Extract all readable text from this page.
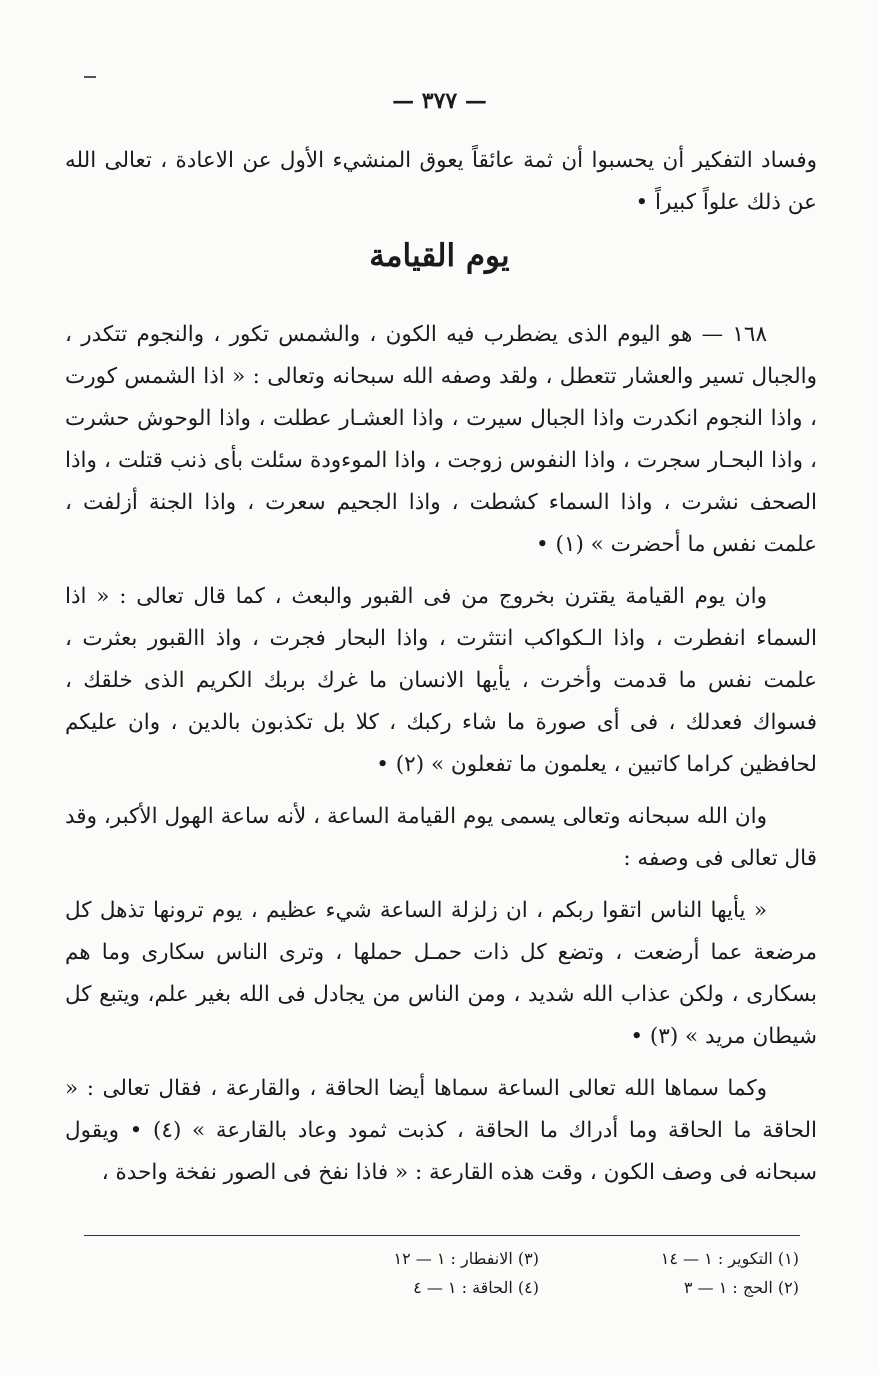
— ٣٧٧ —

وفساد التفكير أن يحسبوا أن ثمة عائقاً يعوق المنشيء الأول عن الاعادة ، تعالى الله عن ذلك علواً كبيراً •

يوم القيامة

١٦٨ — هو اليوم الذى يضطرب فيه الكون ، والشمس تكور ، والنجوم تتكدر ، والجبال تسير والعشار تتعطل ، ولقد وصفه الله سبحانه وتعالى : « اذا الشمس كورت ، واذا النجوم انكدرت واذا الجبال سيرت ، واذا العشـار عطلت ، واذا الوحوش حشرت ، واذا البحـار سجرت ، واذا النفوس زوجت ، واذا الموءودة سئلت بأى ذنب قتلت ، واذا الصحف نشرت ، واذا السماء كشطت ، واذا الجحيم سعرت ، واذا الجنة أزلفت ، علمت نفس ما أحضرت » (١) •

وان يوم القيامة يقترن بخروج من فى القبور والبعث ، كما قال تعالى : « اذا السماء انفطرت ، واذا الـكواكب انتثرت ، واذا البحار فجرت ، واذ االقبور بعثرت ، علمت نفس ما قدمت وأخرت ، يأيها الانسان ما غرك بربك الكريم الذى خلقك ، فسواك فعدلك ، فى أى صورة ما شاء ركبك ، كلا بل تكذبون بالدين ، وان عليكم لحافظين كراما كاتبين ، يعلمون ما تفعلون » (٢) •

وان الله سبحانه وتعالى يسمى يوم القيامة الساعة ، لأنه ساعة الهول الأكبر، وقد قال تعالى فى وصفه :

« يأيها الناس اتقوا ربكم ، ان زلزلة الساعة شيء عظيم ، يوم ترونها تذهل كل مرضعة عما أرضعت ، وتضع كل ذات حمـل حملها ، وترى الناس سكارى وما هم بسكارى ، ولكن عذاب الله شديد ، ومن الناس من يجادل فى الله بغير علم، ويتبع كل شيطان مريد » (٣) •

وكما سماها الله تعالى الساعة سماها أيضا الحاقة ، والقارعة ، فقال تعالى : « الحاقة ما الحاقة وما أدراك ما الحاقة ، كذبت ثمود وعاد بالقارعة » (٤) • ويقول سبحانه فى وصف الكون ، وقت هذه القارعة : « فاذا نفخ فى الصور نفخة واحدة ،

(١) التكوير : ١ — ١٤
(٣) الانفطار : ١ — ١٢
(٢) الحج : ١ — ٣
(٤) الحاقة : ١ — ٤
